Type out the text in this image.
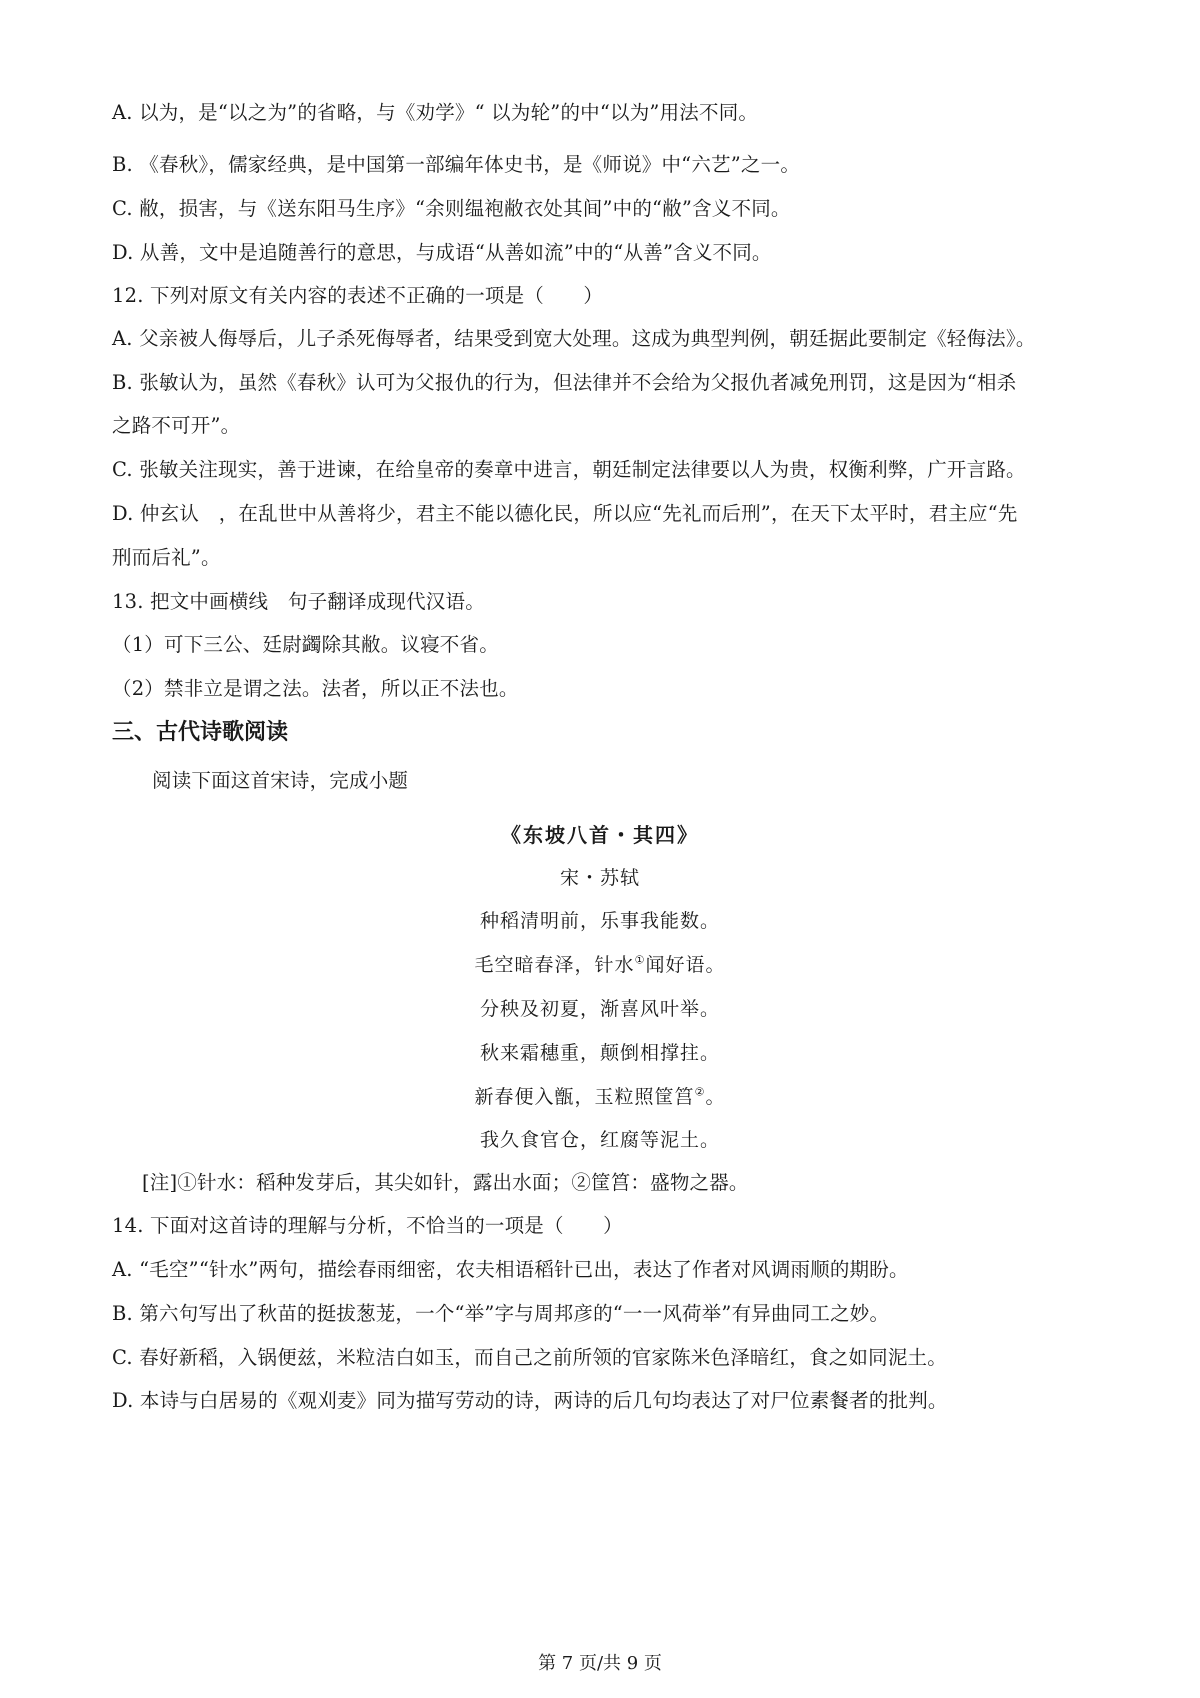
A. 以为，是“以之为”的省略，与《劝学》“ 以为轮”的中“以为”用法不同。
B. 《春秋》，儒家经典，是中国第一部编年体史书，是《师说》中“六艺”之一。
C. 敝，损害，与《送东阳马生序》“余则缊袍敝衣处其间”中的“敝”含义不同。
D. 从善，文中是追随善行的意思，与成语“从善如流”中的“从善”含义不同。
12. 下列对原文有关内容的表述不正确的一项是（　　）
A. 父亲被人侮辱后，儿子杀死侮辱者，结果受到宽大处理。这成为典型判例，朝廷据此要制定《轻侮法》。
B. 张敏认为，虽然《春秋》认可为父报仇的行为，但法律并不会给为父报仇者减免刑罚，这是因为“相杀
之路不可开”。
C. 张敏关注现实，善于进谏，在给皇帝的奏章中进言，朝廷制定法律要以人为贵，权衡利弊，广开言路。
D. 仲玄认　，在乱世中从善将少，君主不能以德化民，所以应“先礼而后刑”，在天下太平时，君主应“先
刑而后礼”。
13. 把文中画横线　句子翻译成现代汉语。
（1）可下三公、廷尉蠲除其敝。议寝不省。
（2）禁非立是谓之法。法者，所以正不法也。
三、古代诗歌阅读
阅读下面这首宋诗，完成小题
《东坡八首・其四》
宋・苏轼
种稻清明前，乐事我能数。
毛空暗春泽，针水①闻好语。
分秧及初夏，渐喜风叶举。
秋来霜穗重，颠倒相撑拄。
新春便入甑，玉粒照筐筥②。
我久食官仓，红腐等泥土。
[注]①针水：稻种发芽后，其尖如针，露出水面；②筐筥：盛物之器。
14. 下面对这首诗的理解与分析，不恰当的一项是（　　）
A. “毛空”“针水”两句，描绘春雨细密，农夫相语稻针已出，表达了作者对风调雨顺的期盼。
B. 第六句写出了秋苗的挺拔葱茏，一个“举”字与周邦彦的“一一风荷举”有异曲同工之妙。
C. 春好新稻，入锅便兹，米粒洁白如玉，而自己之前所领的官家陈米色泽暗红，食之如同泥土。
D. 本诗与白居易的《观刈麦》同为描写劳动的诗，两诗的后几句均表达了对尸位素餐者的批判。
第 7 页/共 9 页
